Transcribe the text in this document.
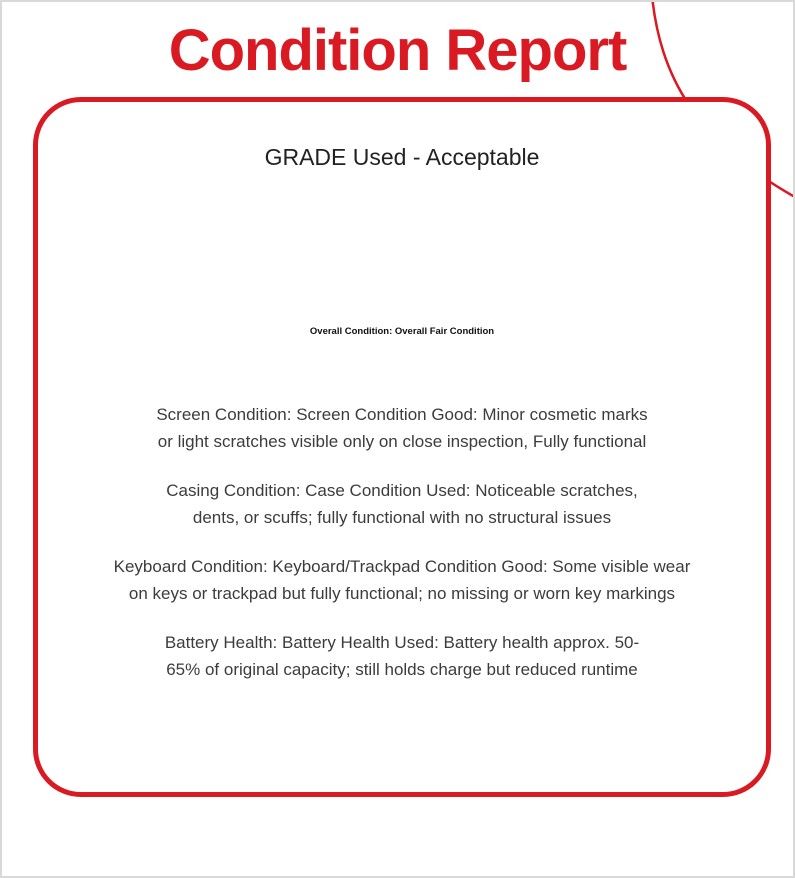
Condition Report
GRADE Used - Acceptable

Overall Condition: Overall Fair Condition

Screen Condition: Screen Condition Good: Minor cosmetic marks or light scratches visible only on close inspection, Fully functional

Casing Condition: Case Condition Used: Noticeable scratches, dents, or scuffs; fully functional with no structural issues

Keyboard Condition: Keyboard/Trackpad Condition Good: Some visible wear on keys or trackpad but fully functional; no missing or worn key markings

Battery Health: Battery Health Used: Battery health approx. 50-65% of original capacity; still holds charge but reduced runtime
